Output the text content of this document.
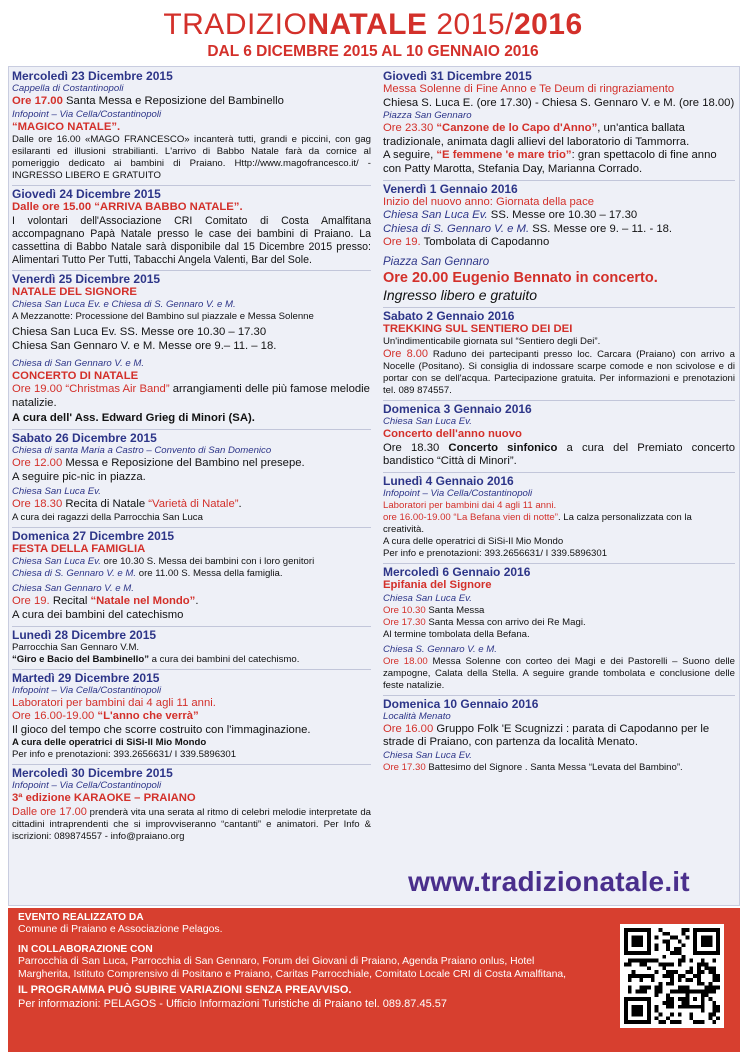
TRADIZIONATALE 2015/2016
DAL 6 DICEMBRE 2015 AL 10 GENNAIO 2016
Mercoledì 23 Dicembre 2015
Cappella di Costantinopoli
Ore 17.00 Santa Messa e Reposizione del Bambinello
Infopoint – Via Cella/Costantinopoli
“MAGICO NATALE”.
Dalle ore 16.00 «MAGO FRANCESCO» incanterà tutti, grandi e piccini, con gag esilaranti ed illusioni strabilianti. L'arrivo di Babbo Natale farà da cornice al pomeriggio dedicato ai bambini di Praiano. Http://www.magofrancesco.it/ - INGRESSO LIBERO E GRATUITO
Giovedì 24 Dicembre 2015
Dalle ore 15.00 “ARRIVA BABBO NATALE”.
I volontari dell'Associazione CRI Comitato di Costa Amalfitana accompagnano Papà Natale presso le case dei bambini di Praiano. La cassettina di Babbo Natale sarà disponibile dal 15 Dicembre 2015 presso: Alimentari Tutto Per Tutti, Tabacchi Angela Valenti, Bar del Sole.
Venerdì 25 Dicembre 2015
NATALE DEL SIGNORE
Chiesa San Luca Ev. e Chiesa di S. Gennaro V. e M.
A Mezzanotte: Processione del Bambino sul piazzale e Messa Solenne
Chiesa San Luca Ev. SS. Messe ore 10.30 – 17.30
Chiesa San Gennaro V. e M. Messe ore 9.– 11. – 18.
Chiesa di San Gennaro V. e M.
CONCERTO DI NATALE
Ore 19.00 “Christmas Air Band” arrangiamenti delle più famose melodie natalizie.
A cura dell' Ass. Edward Grieg di Minori (SA).
Sabato 26 Dicembre 2015
Chiesa di santa Maria a Castro – Convento di San Domenico
Ore 12.00 Messa e Reposizione del Bambino nel presepe.
A seguire pic-nic in piazza.
Chiesa San Luca Ev.
Ore 18.30 Recita di Natale “Varietà di Natale”.
A cura dei ragazzi della Parrocchia San Luca
Domenica 27 Dicembre 2015
FESTA DELLA FAMIGLIA
Chiesa San Luca Ev. ore 10.30 S. Messa dei bambini con i loro genitori
Chiesa di S. Gennaro V. e M. ore 11.00 S. Messa della famiglia.
Chiesa San Gennaro V. e M.
Ore 19. Recital “Natale nel Mondo”.
A cura dei bambini del catechismo
Lunedì 28 Dicembre 2015
Parrocchia San Gennaro V.M.
“Giro e Bacio del Bambinello” a cura dei bambini del catechismo.
Martedì 29 Dicembre 2015
Infopoint – Via Cella/Costantinopoli
Laboratori per bambini dai 4 agli 11 anni.
Ore 16.00-19.00 “L'anno che verrà”
Il gioco del tempo che scorre costruito con l'immaginazione.
A cura delle operatrici di SiSi-Il Mio Mondo
Per info e prenotazioni: 393.2656631/ I 339.5896301
Mercoledì 30 Dicembre 2015
Infopoint – Via Cella/Costantinopoli
3ª edizione KARAOKE – PRAIANO
Dalle ore 17.00 prenderà vita una serata al ritmo di celebri melodie interpretate da cittadini intraprendenti che si improvviseranno “cantanti” e animatori. Per Info & iscrizioni: 089874557 - info@praiano.org
Giovedì 31 Dicembre 2015
Messa Solenne di Fine Anno e Te Deum di ringraziamento
Chiesa S. Luca E. (ore 17.30) - Chiesa S. Gennaro V. e M. (ore 18.00)
Piazza San Gennaro
Ore 23.30 “Canzone de lo Capo d'Anno”, un'antica ballata tradizionale, animata dagli allievi del laboratorio di Tammorra.
A seguire, “E femmene 'e mare trio”: gran spettacolo di fine anno con Patty Marotta, Stefania Day, Marianna Corrado.
Venerdì 1 Gennaio 2016
Inizio del nuovo anno: Giornata della pace
Chiesa San Luca Ev. SS. Messe ore 10.30 – 17.30
Chiesa di S. Gennaro V. e M. SS. Messe ore 9. – 11. - 18.
Ore 19. Tombolata di Capodanno
Piazza San Gennaro
Ore 20.00 Eugenio Bennato in concerto.
Ingresso libero e gratuito
Sabato 2 Gennaio 2016
TREKKING SUL SENTIERO DEI DEI
Un'indimenticabile giornata sul “Sentiero degli Dei”.
Ore 8.00 Raduno dei partecipanti presso loc. Carcara (Praiano) con arrivo a Nocelle (Positano). Si consiglia di indossare scarpe comode e non scivolose e di portar con se dell'acqua. Partecipazione gratuita. Per informazioni e prenotazioni tel. 089 874557.
Domenica 3 Gennaio 2016
Chiesa San Luca Ev.
Concerto dell'anno nuovo
Ore 18.30 Concerto sinfonico a cura del Premiato concerto bandistico “Città di Minori”.
Lunedì 4 Gennaio 2016
Infopoint – Via Cella/Costantinopoli
Laboratori per bambini dai 4 agli 11 anni.
ore 16.00-19.00 “La Befana vien di notte”. La calza personalizzata con la creatività.
A cura delle operatrici di SiSi-Il Mio Mondo
Per info e prenotazioni: 393.2656631/ I 339.5896301
Mercoledì 6 Gennaio 2016
Epifania del Signore
Chiesa San Luca Ev.
Ore 10.30 Santa Messa
Ore 17.30 Santa Messa con arrivo dei Re Magi.
Al termine tombolata della Befana.
Chiesa S. Gennaro V. e M.
Ore 18.00 Messa Solenne con corteo dei Magi e dei Pastorelli – Suono delle zampogne, Calata della Stella. A seguire grande tombolata e conclusione delle feste natalizie.
Domenica 10 Gennaio 2016
Località Menato
Ore 16.00 Gruppo Folk 'E Scugnizzi : parata di Capodanno per le strade di Praiano, con partenza da località Menato.
Chiesa San Luca Ev.
Ore 17.30 Battesimo del Signore . Santa Messa “Levata del Bambino”.
www.tradizionatale.it
EVENTO REALIZZATO DA
Comune di Praiano e Associazione Pelagos.
IN COLLABORAZIONE CON
Parrocchia di San Luca, Parrocchia di San Gennaro, Forum dei Giovani di Praiano, Agenda Praiano onlus, Hotel Margherita, Istituto Comprensivo di Positano e Praiano, Caritas Parrocchiale, Comitato Locale CRI di Costa Amalfitana,
IL PROGRAMMA PUÒ SUBIRE VARIAZIONI SENZA PREAVVISO.
Per informazioni: PELAGOS - Ufficio Informazioni Turistiche di Praiano tel. 089.87.45.57
